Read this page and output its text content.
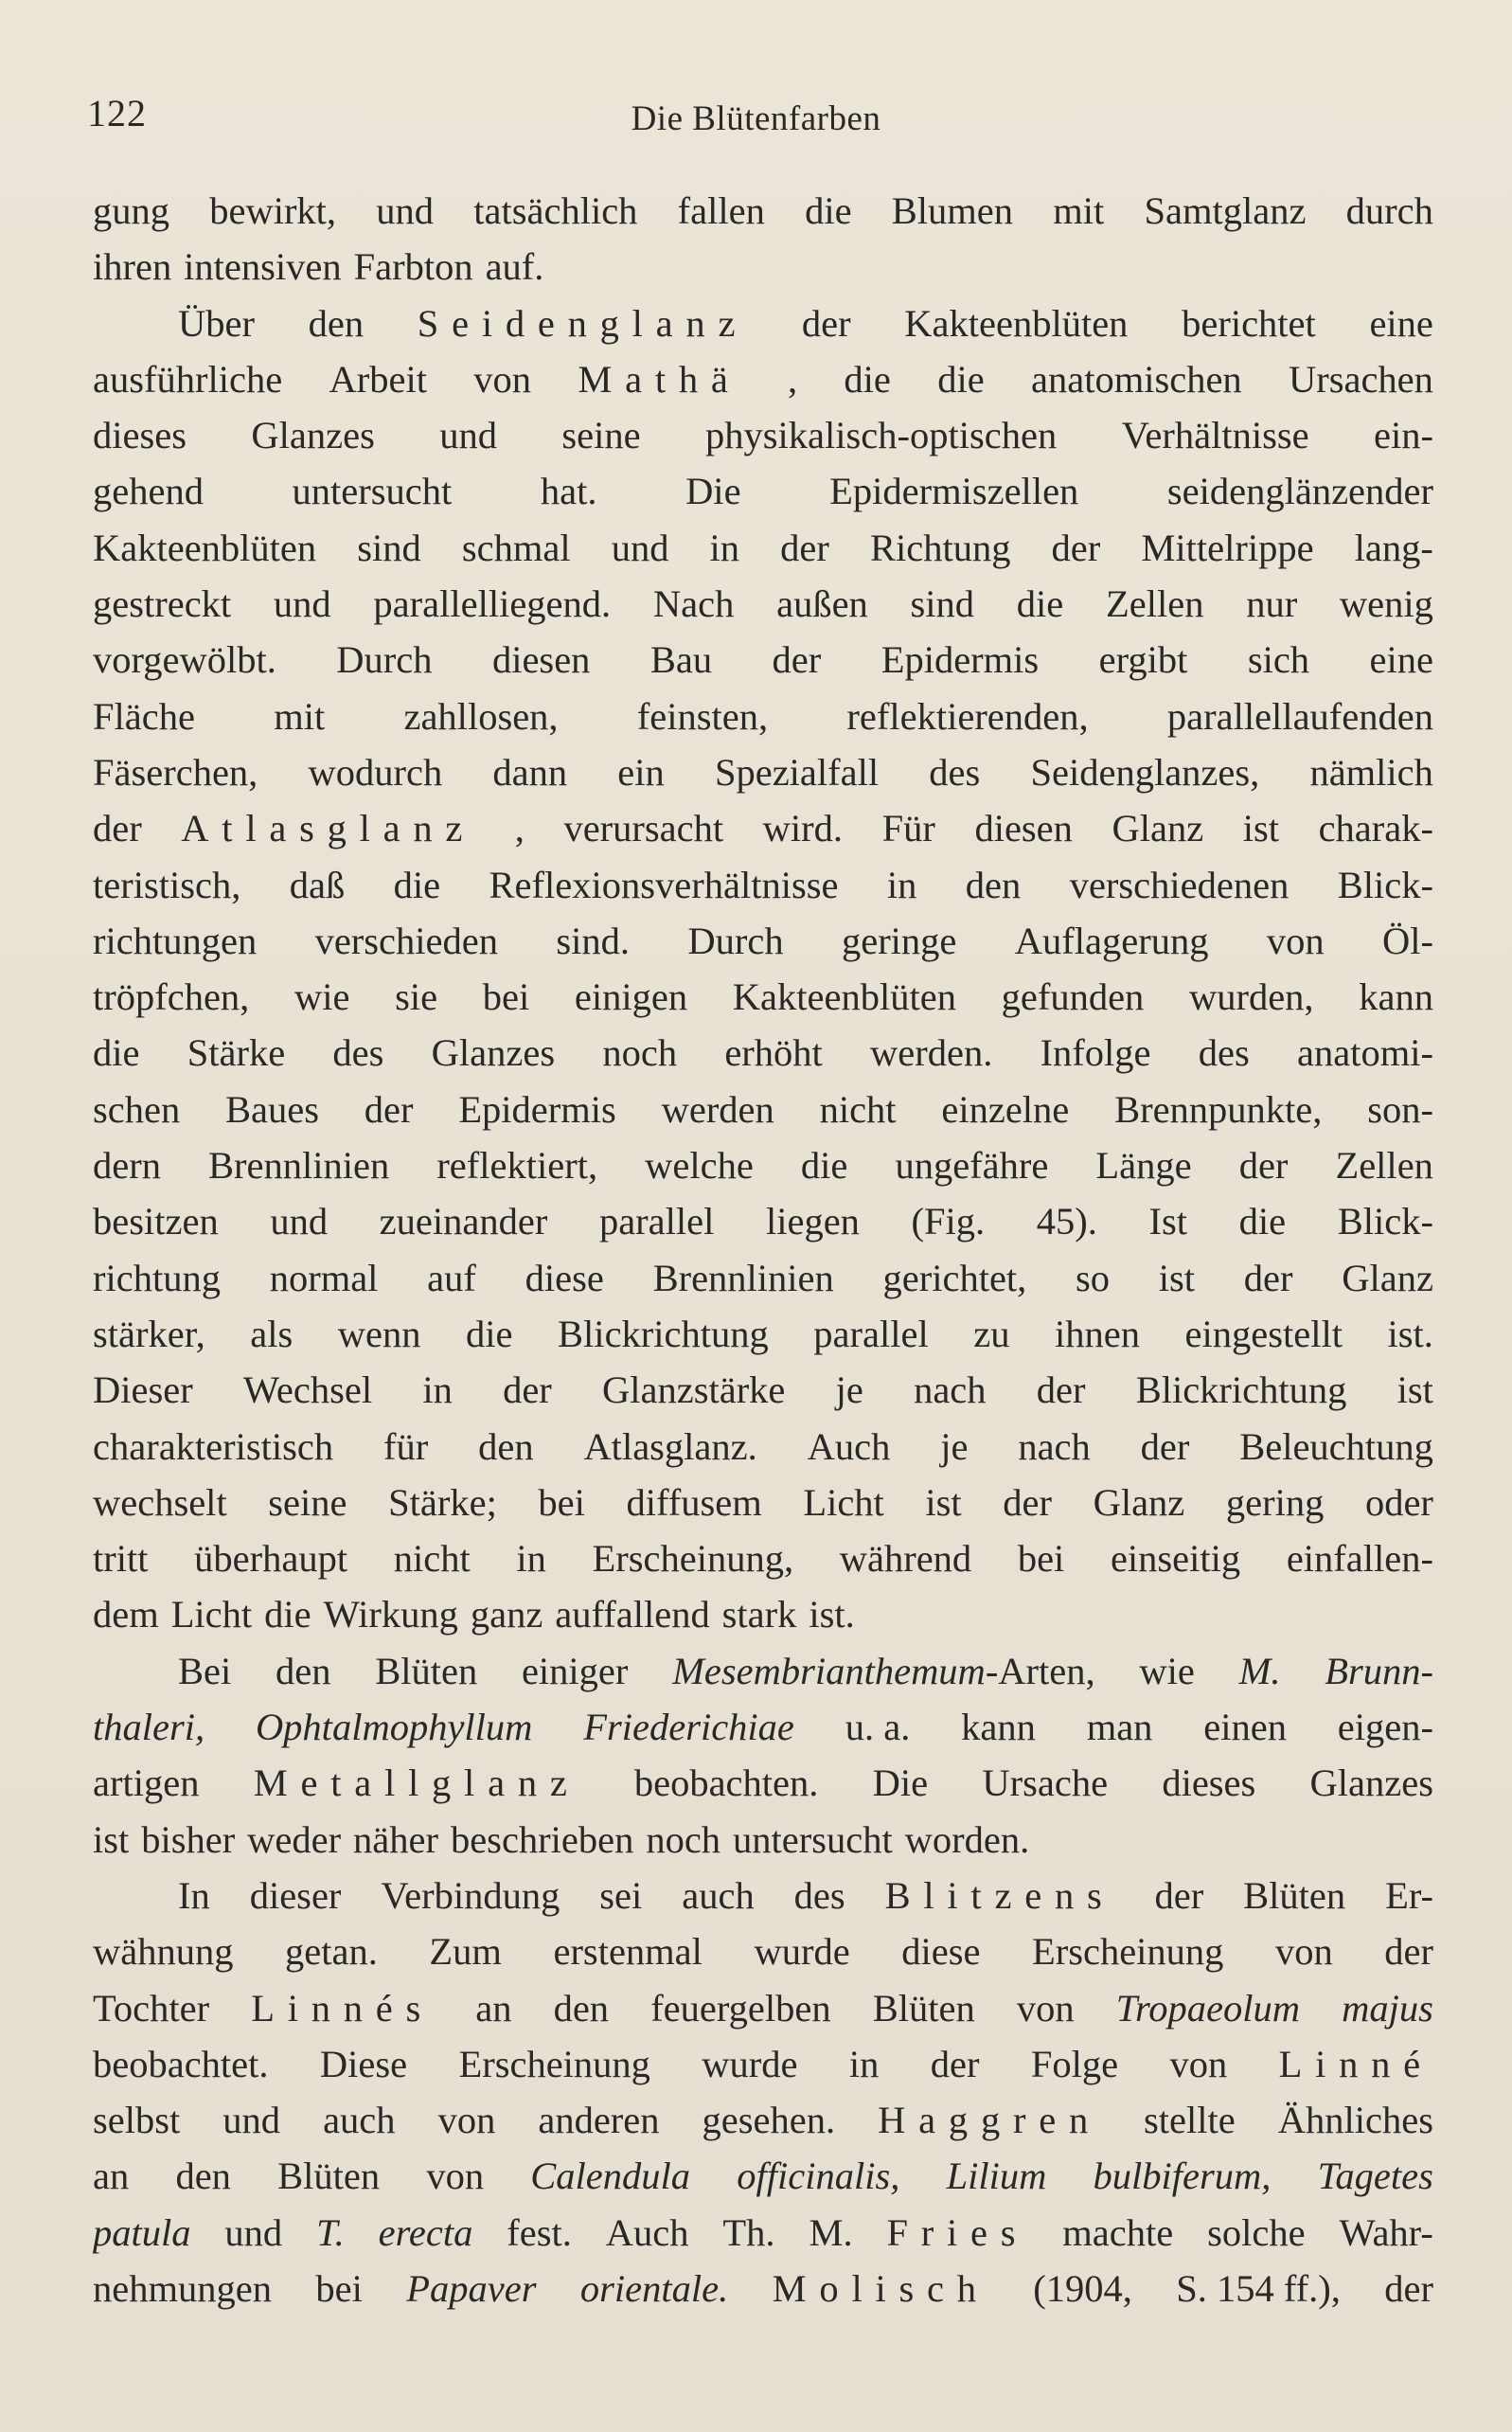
122	Die Blütenfarben
gung bewirkt, und tatsächlich fallen die Blumen mit Samtglanz durch
ihren intensiven Farbton auf.
Über den Seidenglanz der Kakteenblüten berichtet eine
ausführliche Arbeit von Mathä , die die anatomischen Ursachen
dieses Glanzes und seine physikalisch-optischen Verhältnisse ein-
gehend untersucht hat. Die Epidermiszellen seidenglänzender
Kakteenblüten sind schmal und in der Richtung der Mittelrippe lang-
gestreckt und parallelliegend. Nach außen sind die Zellen nur wenig
vorgewölbt. Durch diesen Bau der Epidermis ergibt sich eine
Fläche mit zahllosen, feinsten, reflektierenden, parallellaufenden
Fäserchen, wodurch dann ein Spezialfall des Seidenglanzes, nämlich
der Atlasglanz , verursacht wird. Für diesen Glanz ist charak-
teristisch, daß die Reflexionsverhältnisse in den verschiedenen Blick-
richtungen verschieden sind. Durch geringe Auflagerung von Öl-
tröpfchen, wie sie bei einigen Kakteenblüten gefunden wurden, kann
die Stärke des Glanzes noch erhöht werden. Infolge des anatomi-
schen Baues der Epidermis werden nicht einzelne Brennpunkte, son-
dern Brennlinien reflektiert, welche die ungefähre Länge der Zellen
besitzen und zueinander parallel liegen (Fig. 45). Ist die Blick-
richtung normal auf diese Brennlinien gerichtet, so ist der Glanz
stärker, als wenn die Blickrichtung parallel zu ihnen eingestellt ist.
Dieser Wechsel in der Glanzstärke je nach der Blickrichtung ist
charakteristisch für den Atlasglanz. Auch je nach der Beleuchtung
wechselt seine Stärke; bei diffusem Licht ist der Glanz gering oder
tritt überhaupt nicht in Erscheinung, während bei einseitig einfallen-
dem Licht die Wirkung ganz auffallend stark ist.
Bei den Blüten einiger Mesembrianthemum-Arten, wie M. Brunn-
thaleri, Ophtalmophyllum Friederichiae u. a. kann man einen eigen-
artigen Metallglanz beobachten. Die Ursache dieses Glanzes
ist bisher weder näher beschrieben noch untersucht worden.
In dieser Verbindung sei auch des Blitzens der Blüten Er-
wähnung getan. Zum erstenmal wurde diese Erscheinung von der
Tochter Linnés an den feuergelben Blüten von Tropaeolum majus
beobachtet. Diese Erscheinung wurde in der Folge von Linné
selbst und auch von anderen gesehen. Haggren stellte Ähnliches
an den Blüten von Calendula officinalis, Lilium bulbiferum, Tagetes
patula und T. erecta fest. Auch Th. M. Fries machte solche Wahr-
nehmungen bei Papaver orientale. Molisch (1904, S. 154 ff.), der
